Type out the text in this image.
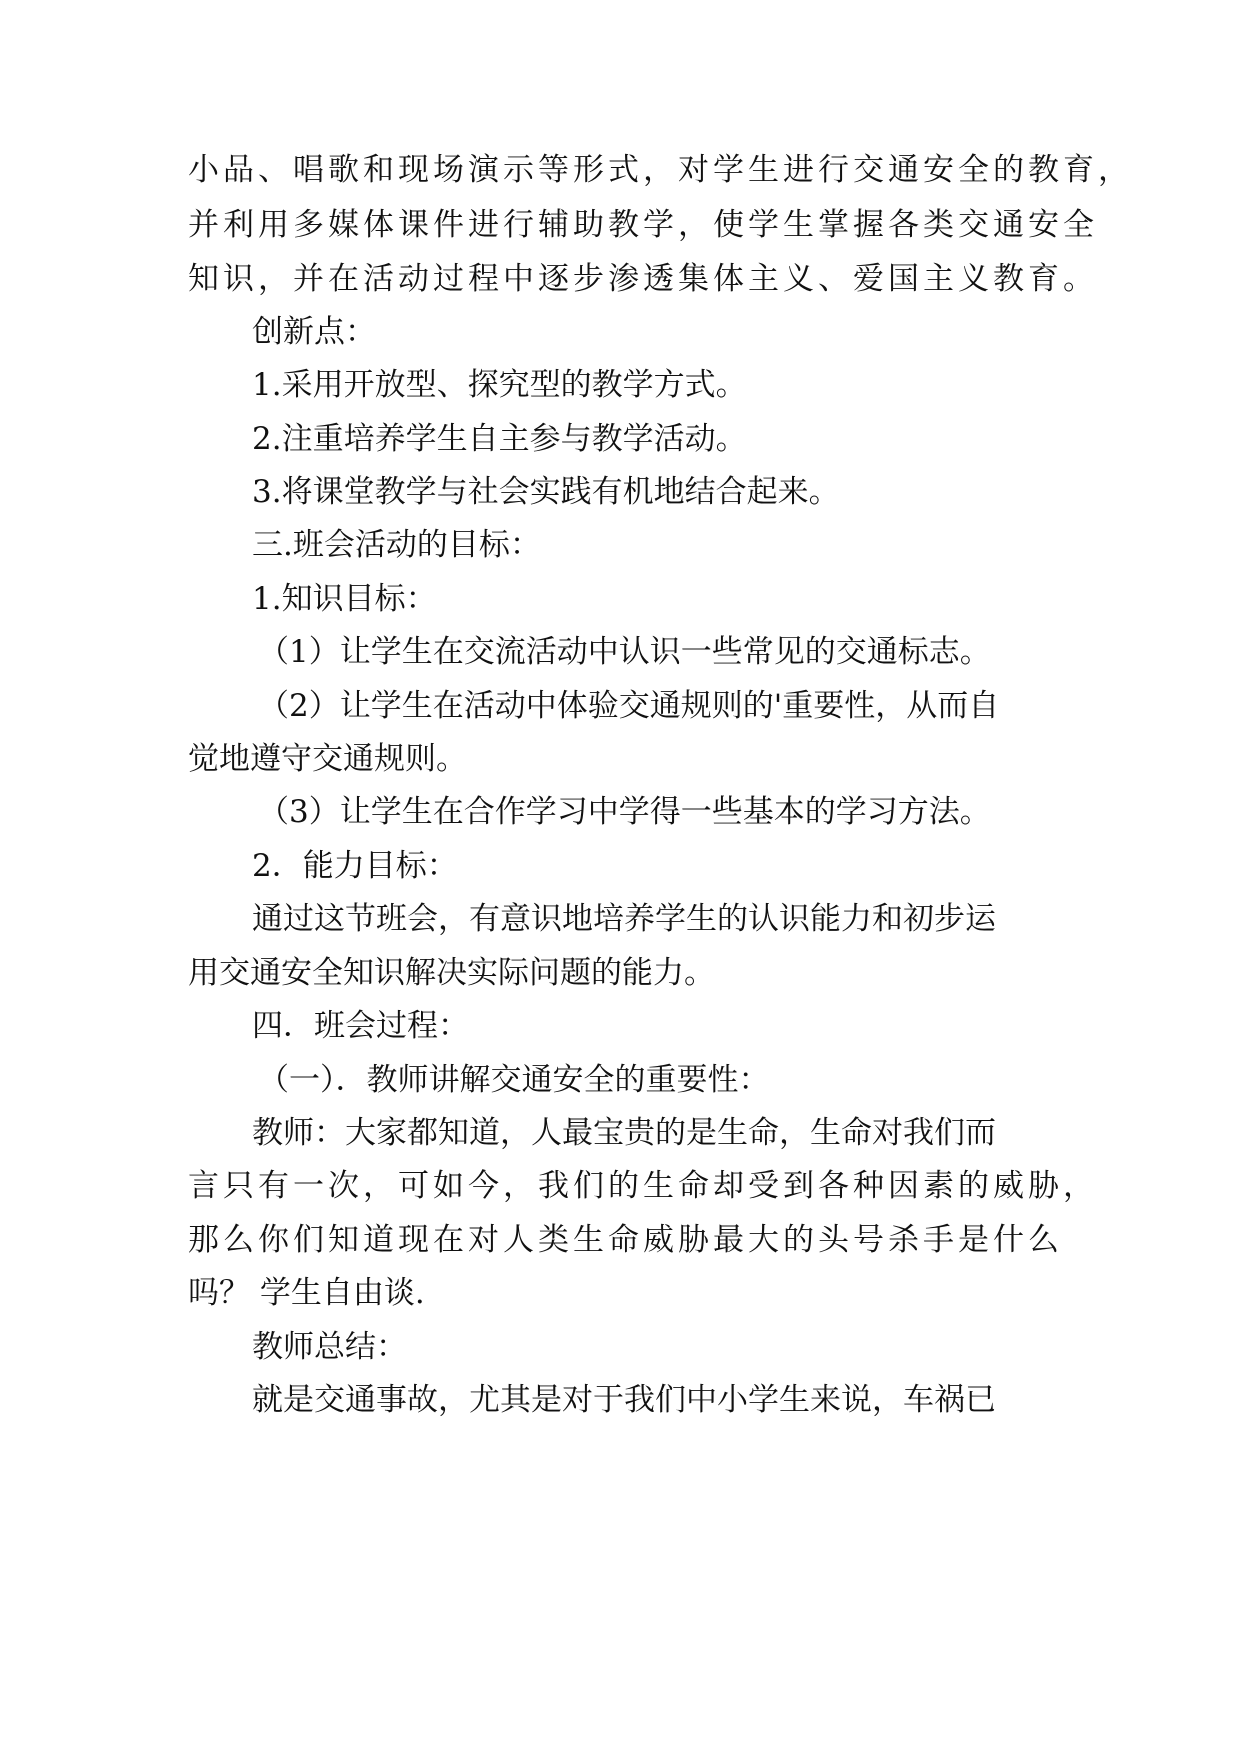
小品、唱歌和现场演示等形式，对学生进行交通安全的教育，
并利用多媒体课件进行辅助教学，使学生掌握各类交通安全
知识，并在活动过程中逐步渗透集体主义、爱国主义教育。
创新点：
1.采用开放型、探究型的教学方式。
2.注重培养学生自主参与教学活动。
3.将课堂教学与社会实践有机地结合起来。
三.班会活动的目标：
1.知识目标：
（1）让学生在交流活动中认识一些常见的交通标志。
（2）让学生在活动中体验交通规则的'重要性，从而自
觉地遵守交通规则。
（3）让学生在合作学习中学得一些基本的学习方法。
2．能力目标：
通过这节班会，有意识地培养学生的认识能力和初步运
用交通安全知识解决实际问题的能力。
四．班会过程：
（一）．教师讲解交通安全的重要性：
教师：大家都知道，人最宝贵的是生命，生命对我们而
言只有一次，可如今，我们的生命却受到各种因素的威胁，
那么你们知道现在对人类生命威胁最大的头号杀手是什么
吗？ 学生自由谈.
教师总结：
就是交通事故，尤其是对于我们中小学生来说，车祸已
